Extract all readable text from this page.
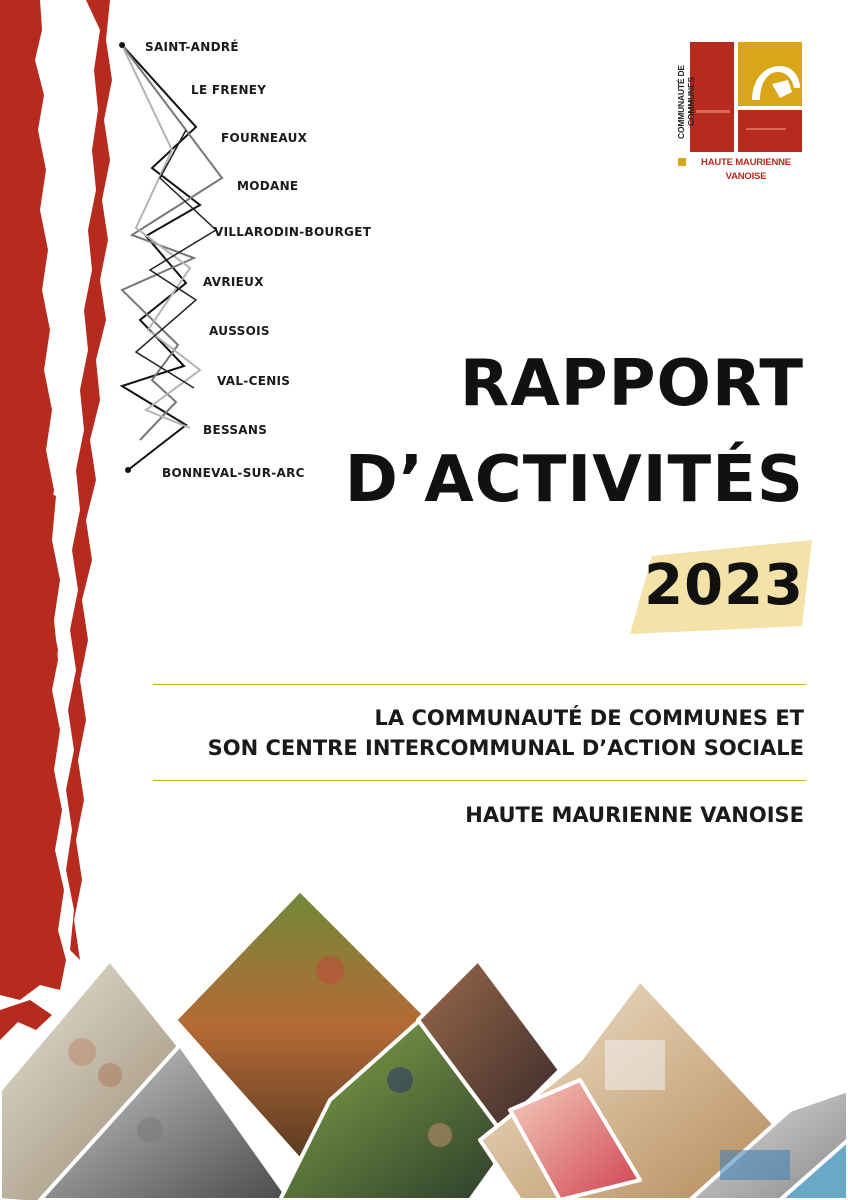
SAINT-ANDRÉ
LE FRENEY
FOURNEAUX
MODANE
VILLARODIN-BOURGET
AVRIEUX
AUSSOIS
VAL-CENIS
BESSANS
BONNEVAL-SUR-ARC
COMMUNAUTÉ DE COMMUNES
HAUTE MAURIENNE VANOISE
RAPPORT
D’ACTIVITÉS
2023
LA COMMUNAUTÉ DE COMMUNES ET
SON CENTRE INTERCOMMUNAL D’ACTION SOCIALE
HAUTE MAURIENNE VANOISE
